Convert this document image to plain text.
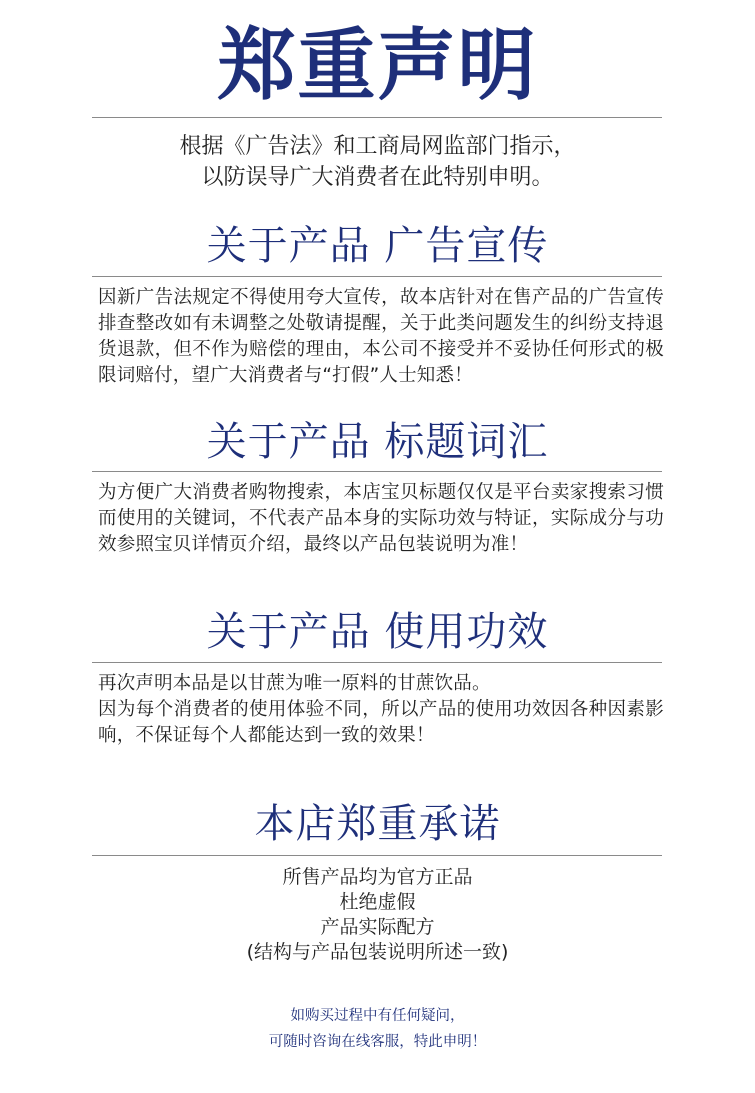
郑重声明
根据《广告法》和工商局网监部门指示，
以防误导广大消费者在此特别申明。
关于产品 广告宣传
因新广告法规定不得使用夸大宣传，故本店针对在售产品的广告宣传排查整改如有未调整之处敬请提醒，关于此类问题发生的纠纷支持退货退款，但不作为赔偿的理由，本公司不接受并不妥协任何形式的极限词赔付，望广大消费者与“打假”人士知悉！
关于产品 标题词汇
为方便广大消费者购物搜索，本店宝贝标题仅仅是平台卖家搜索习惯而使用的关键词，不代表产品本身的实际功效与特证，实际成分与功效参照宝贝详情页介绍，最终以产品包装说明为准！
关于产品 使用功效
再次声明本品是以甘蔗为唯一原料的甘蔗饮品。
因为每个消费者的使用体验不同，所以产品的使用功效因各种因素影响，不保证每个人都能达到一致的效果！
本店郑重承诺
所售产品均为官方正品
杜绝虚假
产品实际配方
(结构与产品包装说明所述一致)
如购买过程中有任何疑问，
可随时咨询在线客服，特此申明！
